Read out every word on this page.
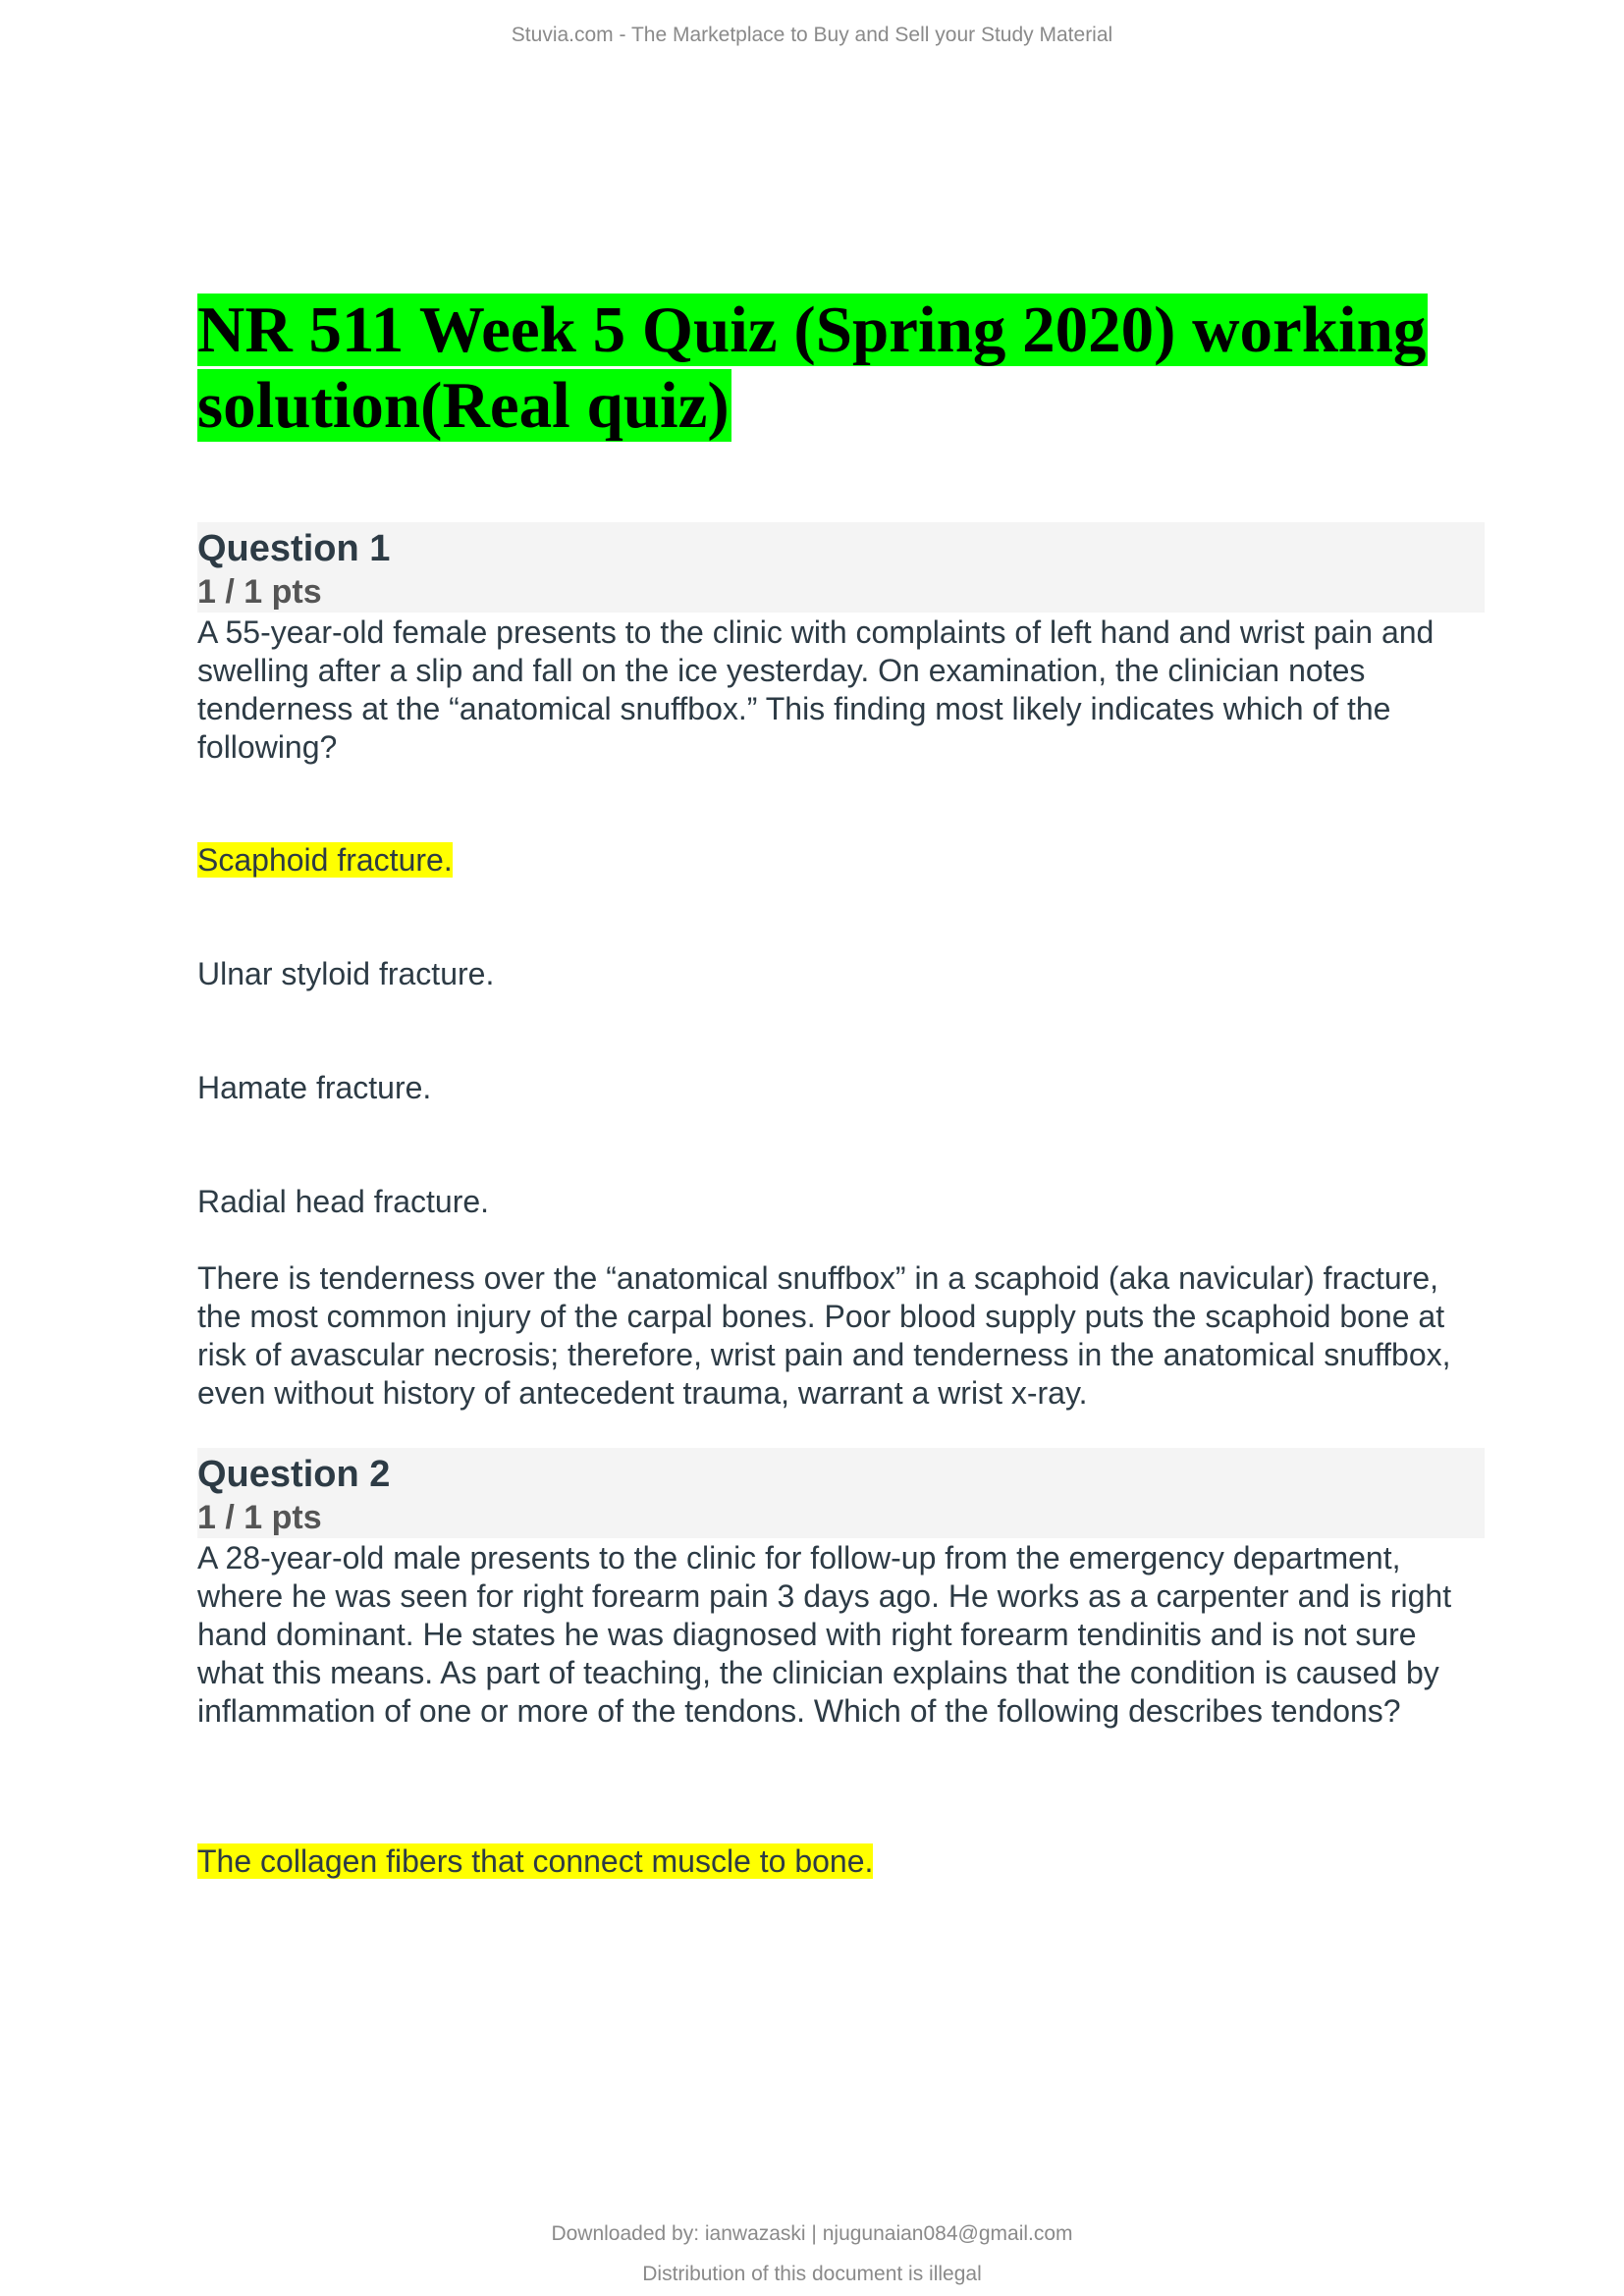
Stuvia.com - The Marketplace to Buy and Sell your Study Material
NR 511 Week 5 Quiz (Spring 2020) working solution(Real quiz)
Question 1
1 / 1 pts
A 55-year-old female presents to the clinic with complaints of left hand and wrist pain and swelling after a slip and fall on the ice yesterday. On examination, the clinician notes tenderness at the “anatomical snuffbox.” This finding most likely indicates which of the following?
Scaphoid fracture.
Ulnar styloid fracture.
Hamate fracture.
Radial head fracture.
There is tenderness over the “anatomical snuffbox” in a scaphoid (aka navicular) fracture, the most common injury of the carpal bones. Poor blood supply puts the scaphoid bone at risk of avascular necrosis; therefore, wrist pain and tenderness in the anatomical snuffbox, even without history of antecedent trauma, warrant a wrist x-ray.
Question 2
1 / 1 pts
A 28-year-old male presents to the clinic for follow-up from the emergency department, where he was seen for right forearm pain 3 days ago. He works as a carpenter and is right hand dominant. He states he was diagnosed with right forearm tendinitis and is not sure what this means. As part of teaching, the clinician explains that the condition is caused by inflammation of one or more of the tendons. Which of the following describes tendons?
The collagen fibers that connect muscle to bone.
Downloaded by: ianwazaski | njugunaian084@gmail.com
Distribution of this document is illegal
